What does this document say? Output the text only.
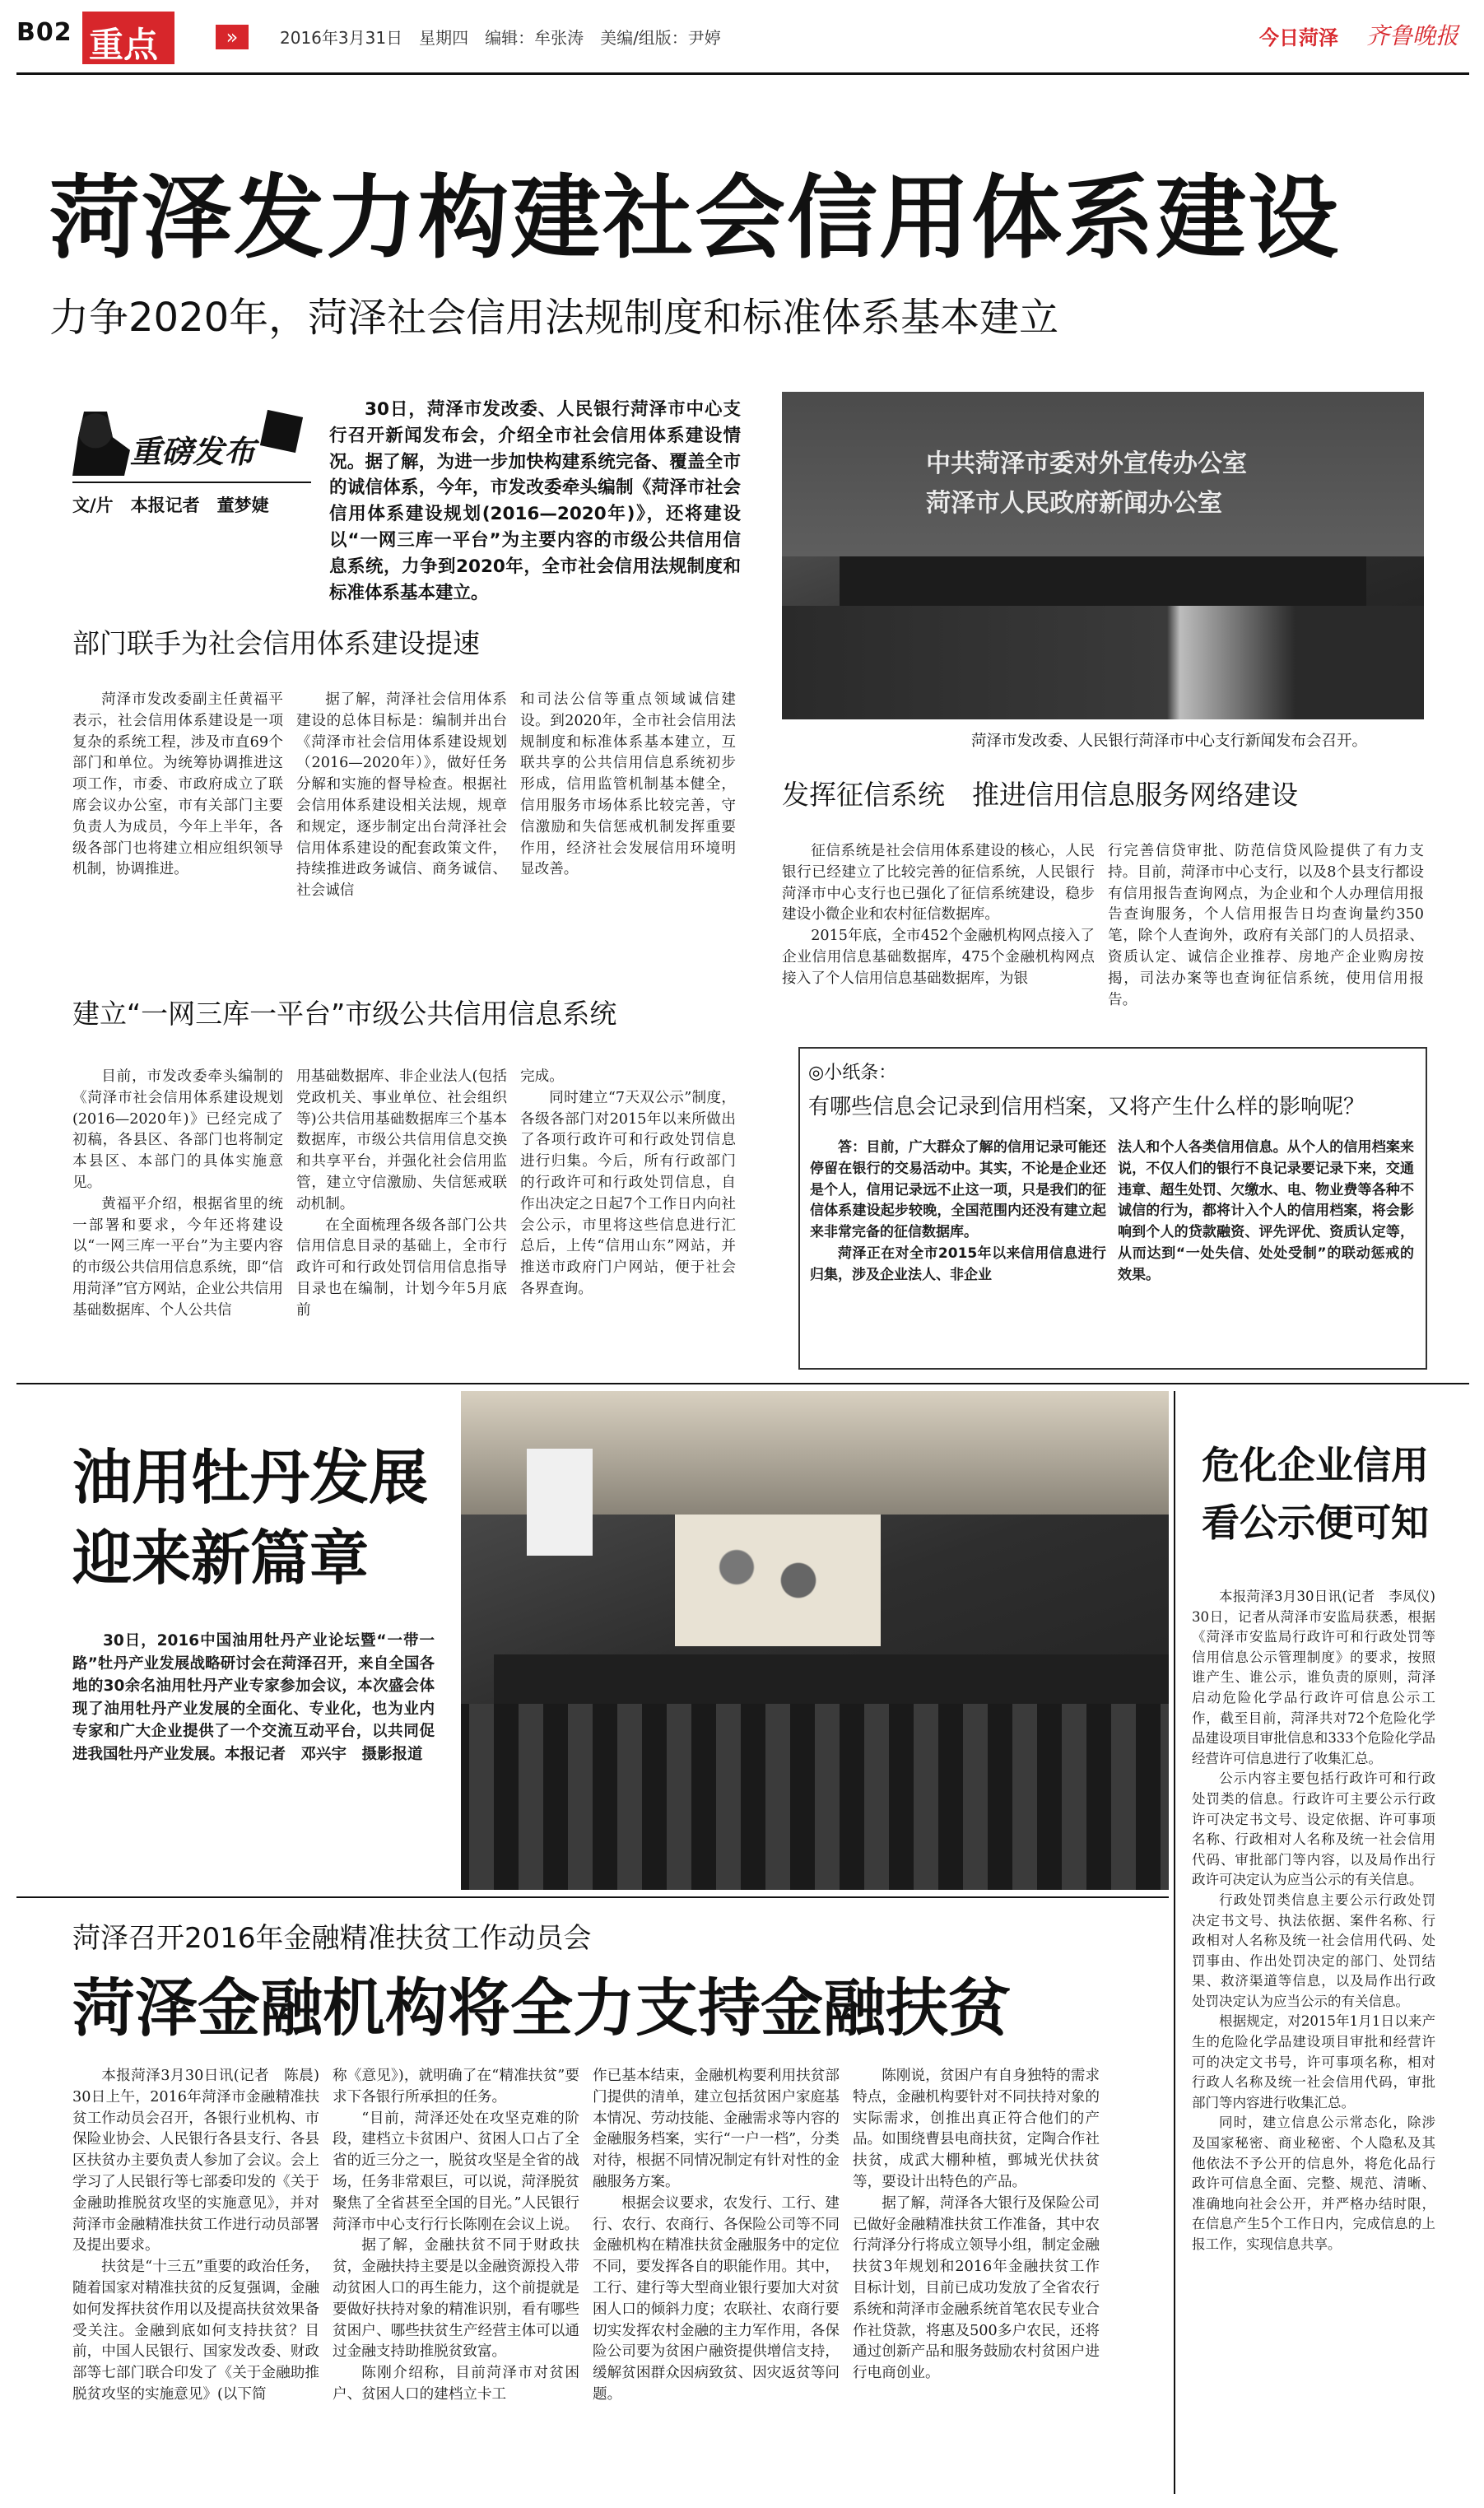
B02 重点	»	2016年3月31日　星期四　编辑：牟张涛　美编/组版：尹婷	今日菏泽 齐鲁晚报
菏泽发力构建社会信用体系建设
力争2020年，菏泽社会信用法规制度和标准体系基本建立
重磅发布
文/片　本报记者　董梦婕
30日，菏泽市发改委、人民银行菏泽市中心支行召开新闻发布会，介绍全市社会信用体系建设情况。据了解，为进一步加快构建系统完备、覆盖全市的诚信体系，今年，市发改委牵头编制《菏泽市社会信用体系建设规划(2016—2020年)》，还将建设以“一网三库一平台”为主要内容的市级公共信用信息系统，力争到2020年，全市社会信用法规制度和标准体系基本建立。
中共菏泽市委对外宣传办公室
菏泽市人民政府新闻办公室
菏泽市发改委、人民银行菏泽市中心支行新闻发布会召开。
部门联手为社会信用体系建设提速

菏泽市发改委副主任黄福平表示，社会信用体系建设是一项复杂的系统工程，涉及市直69个部门和单位。为统筹协调推进这项工作，市委、市政府成立了联席会议办公室，市有关部门主要负责人为成员，今年上半年，各级各部门也将建立相应组织领导机制，协调推进。

据了解，菏泽社会信用体系建设的总体目标是：编制并出台《菏泽市社会信用体系建设规划（2016—2020年）》，做好任务分解和实施的督导检查。根据社会信用体系建设相关法规，规章和规定，逐步制定出台菏泽社会信用体系建设的配套政策文件，持续推进政务诚信、商务诚信、社会诚信

和司法公信等重点领域诚信建设。到2020年，全市社会信用法规制度和标准体系基本建立，互联共享的公共信用信息系统初步形成，信用监管机制基本健全，信用服务市场体系比较完善，守信激励和失信惩戒机制发挥重要作用，经济社会发展信用环境明显改善。

建立“一网三库一平台”市级公共信用信息系统

目前，市发改委牵头编制的《菏泽市社会信用体系建设规划(2016—2020年)》已经完成了初稿，各县区、各部门也将制定本县区、本部门的具体实施意见。

黄福平介绍，根据省里的统一部署和要求，今年还将建设以“一网三库一平台”为主要内容的市级公共信用信息系统，即“信用菏泽”官方网站，企业公共信用基础数据库、个人公共信

用基础数据库、非企业法人(包括党政机关、事业单位、社会组织等)公共信用基础数据库三个基本数据库，市级公共信用信息交换和共享平台，并强化社会信用监管，建立守信激励、失信惩戒联动机制。

在全面梳理各级各部门公共信用信息目录的基础上，全市行政许可和行政处罚信用信息指导目录也在编制，计划今年5月底前

完成。

同时建立“7天双公示”制度，各级各部门对2015年以来所做出了各项行政许可和行政处罚信息进行归集。今后，所有行政部门的行政许可和行政处罚信息，自作出决定之日起7个工作日内向社会公示，市里将这些信息进行汇总后，上传“信用山东”网站，并推送市政府门户网站，便于社会各界查询。

发挥征信系统　推进信用信息服务网络建设

征信系统是社会信用体系建设的核心，人民银行已经建立了比较完善的征信系统，人民银行菏泽市中心支行也已强化了征信系统建设，稳步建设小微企业和农村征信数据库。

2015年底，全市452个金融机构网点接入了企业信用信息基础数据库，475个金融机构网点接入了个人信用信息基础数据库，为银

行完善信贷审批、防范信贷风险提供了有力支持。目前，菏泽市中心支行，以及8个县支行都设有信用报告查询网点，为企业和个人办理信用报告查询服务，个人信用报告日均查询量约350笔，除个人查询外，政府有关部门的人员招录、资质认定、诚信企业推荐、房地产企业购房按揭，司法办案等也查询征信系统，使用信用报告。

◎小纸条：
有哪些信息会记录到信用档案，又将产生什么样的影响呢？

答：目前，广大群众了解的信用记录可能还停留在银行的交易活动中。其实，不论是企业还是个人，信用记录远不止这一项，只是我们的征信体系建设起步较晚，全国范围内还没有建立起来非常完备的征信数据库。

菏泽正在对全市2015年以来信用信息进行归集，涉及企业法人、非企业

法人和个人各类信用信息。从个人的信用档案来说，不仅人们的银行不良记录要记录下来，交通违章、超生处罚、欠缴水、电、物业费等各种不诚信的行为，都将计入个人的信用档案，将会影响到个人的贷款融资、评先评优、资质认定等，从而达到“一处失信、处处受制”的联动惩戒的效果。

油用牡丹发展
迎来新篇章

30日，2016中国油用牡丹产业论坛暨“一带一路”牡丹产业发展战略研讨会在菏泽召开，来自全国各地的30余名油用牡丹产业专家参加会议，本次盛会体现了油用牡丹产业发展的全面化、专业化，也为业内专家和广大企业提供了一个交流互动平台，以共同促进我国牡丹产业发展。本报记者　邓兴宇　摄影报道

危化企业信用
看公示便可知

本报菏泽3月30日讯(记者　李凤仪)　30日，记者从菏泽市安监局获悉，根据《菏泽市安监局行政许可和行政处罚等信用信息公示管理制度》的要求，按照谁产生、谁公示，谁负责的原则，菏泽启动危险化学品行政许可信息公示工作，截至目前，菏泽共对72个危险化学品建设项目审批信息和333个危险化学品经营许可信息进行了收集汇总。

公示内容主要包括行政许可和行政处罚类的信息。行政许可主要公示行政许可决定书文号、设定依据、许可事项名称、行政相对人名称及统一社会信用代码、审批部门等内容，以及局作出行政许可决定认为应当公示的有关信息。

行政处罚类信息主要公示行政处罚决定书文号、执法依据、案件名称、行政相对人名称及统一社会信用代码、处罚事由、作出处罚决定的部门、处罚结果、救济渠道等信息，以及局作出行政处罚决定认为应当公示的有关信息。

根据规定，对2015年1月1日以来产生的危险化学品建设项目审批和经营许可的决定文书号，许可事项名称，相对行政人名称及统一社会信用代码，审批部门等内容进行收集汇总。

同时，建立信息公示常态化，除涉及国家秘密、商业秘密、个人隐私及其他依法不予公开的信息外，将危化品行政许可信息全面、完整、规范、清晰、准确地向社会公开，并严格办结时限，在信息产生5个工作日内，完成信息的上报工作，实现信息共享。

菏泽召开2016年金融精准扶贫工作动员会
菏泽金融机构将全力支持金融扶贫

本报菏泽3月30日讯(记者　陈晨)　30日上午，2016年菏泽市金融精准扶贫工作动员会召开，各银行业机构、市保险业协会、人民银行各县支行、各县区扶贫办主要负责人参加了会议。会上学习了人民银行等七部委印发的《关于金融助推脱贫攻坚的实施意见》，并对菏泽市金融精准扶贫工作进行动员部署及提出要求。

扶贫是“十三五”重要的政治任务，随着国家对精准扶贫的反复强调，金融如何发挥扶贫作用以及提高扶贫效果备受关注。金融到底如何支持扶贫？目前，中国人民银行、国家发改委、财政部等七部门联合印发了《关于金融助推脱贫攻坚的实施意见》(以下简

称《意见》)，就明确了在“精准扶贫”要求下各银行所承担的任务。

“目前，菏泽还处在攻坚克难的阶段，建档立卡贫困户、贫困人口占了全省的近三分之一，脱贫攻坚是全省的战场，任务非常艰巨，可以说，菏泽脱贫聚焦了全省甚至全国的目光。”人民银行菏泽市中心支行行长陈刚在会议上说。

据了解，金融扶贫不同于财政扶贫，金融扶持主要是以金融资源投入带动贫困人口的再生能力，这个前提就是要做好扶持对象的精准识别，看有哪些贫困户、哪些扶贫生产经营主体可以通过金融支持助推脱贫致富。

陈刚介绍称，目前菏泽市对贫困户、贫困人口的建档立卡工

作已基本结束，金融机构要利用扶贫部门提供的清单，建立包括贫困户家庭基本情况、劳动技能、金融需求等内容的金融服务档案，实行“一户一档”，分类对待，根据不同情况制定有针对性的金融服务方案。

根据会议要求，农发行、工行、建行、农行、农商行、各保险公司等不同金融机构在精准扶贫金融服务中的定位不同，要发挥各自的职能作用。其中，工行、建行等大型商业银行要加大对贫困人口的倾斜力度；农联社、农商行要切实发挥农村金融的主力军作用，各保险公司要为贫困户融资提供增信支持，缓解贫困群众因病致贫、因灾返贫等问题。

陈刚说，贫困户有自身独特的需求特点，金融机构要针对不同扶持对象的实际需求，创推出真正符合他们的产品。如围绕曹县电商扶贫，定陶合作社扶贫，成武大棚种植，鄄城光伏扶贫等，要设计出特色的产品。

据了解，菏泽各大银行及保险公司已做好金融精准扶贫工作准备，其中农行菏泽分行将成立领导小组，制定金融扶贫3年规划和2016年金融扶贫工作目标计划，目前已成功发放了全省农行系统和菏泽市金融系统首笔农民专业合作社贷款，将惠及500多户农民，还将通过创新产品和服务鼓励农村贫困户进行电商创业。
